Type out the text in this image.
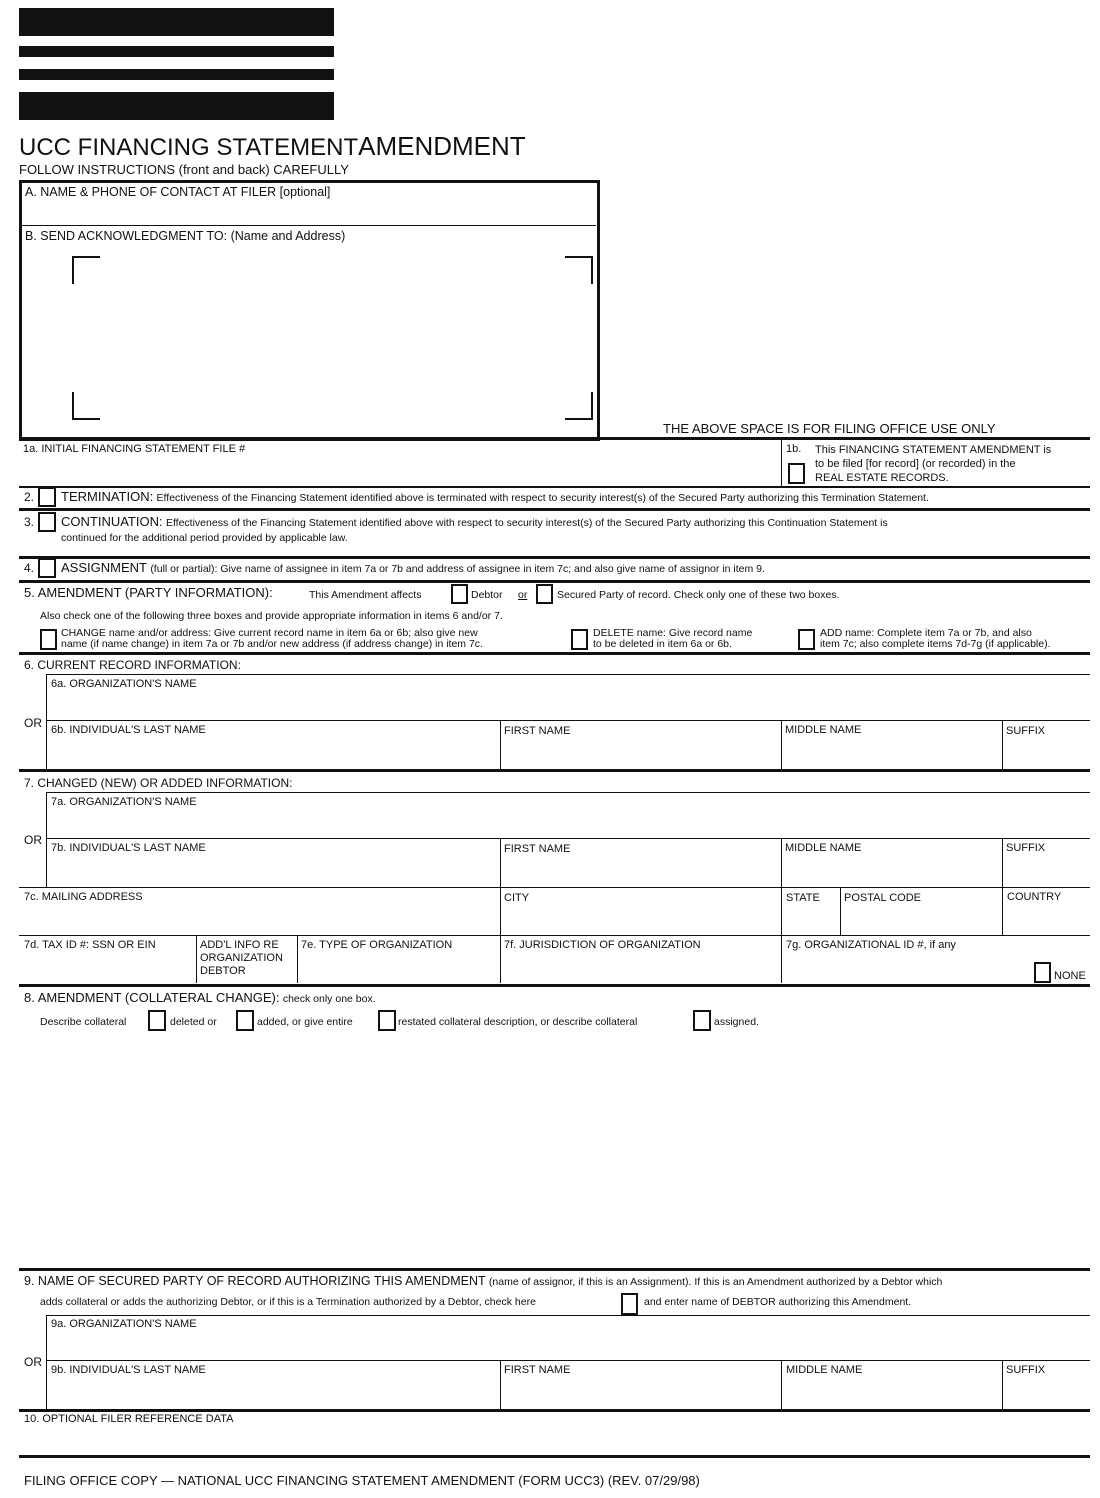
UCC FINANCING STATEMENTAMENDMENT
FOLLOW INSTRUCTIONS (front and back) CAREFULLY
A. NAME & PHONE OF CONTACT AT FILER [optional]
B. SEND ACKNOWLEDGMENT TO: (Name and Address)
THE ABOVE SPACE IS FOR FILING OFFICE USE ONLY
1a. INITIAL FINANCING STATEMENT FILE #	1b. This FINANCING STATEMENT AMENDMENT is
to be filed [for record] (or recorded) in the
REAL ESTATE RECORDS.
2. TERMINATION: Effectiveness of the Financing Statement identified above is terminated with respect to security interest(s) of the Secured Party authorizing this Termination Statement.
3. CONTINUATION: Effectiveness of the Financing Statement identified above with respect to security interest(s) of the Secured Party authorizing this Continuation Statement is
continued for the additional period provided by applicable law.
4. ASSIGNMENT (full or partial): Give name of assignee in item 7a or 7b and address of assignee in item 7c; and also give name of assignor in item 9.
5. AMENDMENT (PARTY INFORMATION):	This Amendment affects	Debtor or	Secured Party of record. Check only one of these two boxes.
Also check one of the following three boxes and provide appropriate information in items 6 and/or 7.
CHANGE name and/or address: Give current record name in item 6a or 6b; also give new
name (if name change) in item 7a or 7b and/or new address (if address change) in item 7c.
DELETE name: Give record name
to be deleted in item 6a or 6b.
ADD name: Complete item 7a or 7b, and also
item 7c; also complete items 7d-7g (if applicable).
6. CURRENT RECORD INFORMATION:
6a. ORGANIZATION'S NAME
OR 6b. INDIVIDUAL'S LAST NAME	FIRST NAME	MIDDLE NAME	SUFFIX
7. CHANGED (NEW) OR ADDED INFORMATION:
7a. ORGANIZATION'S NAME
OR
7b. INDIVIDUAL'S LAST NAME	FIRST NAME	MIDDLE NAME	SUFFIX
7c. MAILING ADDRESS	CITY	STATE POSTAL CODE	COUNTRY
7d. TAX ID #: SSN OR EIN	ADD'L INFO RE
ORGANIZATION
DEBTOR
7e. TYPE OF ORGANIZATION	7f. JURISDICTION OF ORGANIZATION	7g. ORGANIZATIONAL ID #, if any
NONE
8. AMENDMENT (COLLATERAL CHANGE): check only one box.
Describe collateral	deleted or	added, or give entire	restated collateral description, or describe collateral	assigned.
9. NAME OF SECURED PARTY OF RECORD AUTHORIZING THIS AMENDMENT (name of assignor, if this is an Assignment). If this is an Amendment authorized by a Debtor which
adds collateral or adds the authorizing Debtor, or if this is a Termination authorized by a Debtor, check here	and enter name of DEBTOR authorizing this Amendment.
9a. ORGANIZATION'S NAME
OR
9b. INDIVIDUAL'S LAST NAME	FIRST NAME	MIDDLE NAME	SUFFIX
10. OPTIONAL FILER REFERENCE DATA
FILING OFFICE COPY — NATIONAL UCC FINANCING STATEMENT AMENDMENT (FORM UCC3) (REV. 07/29/98)
